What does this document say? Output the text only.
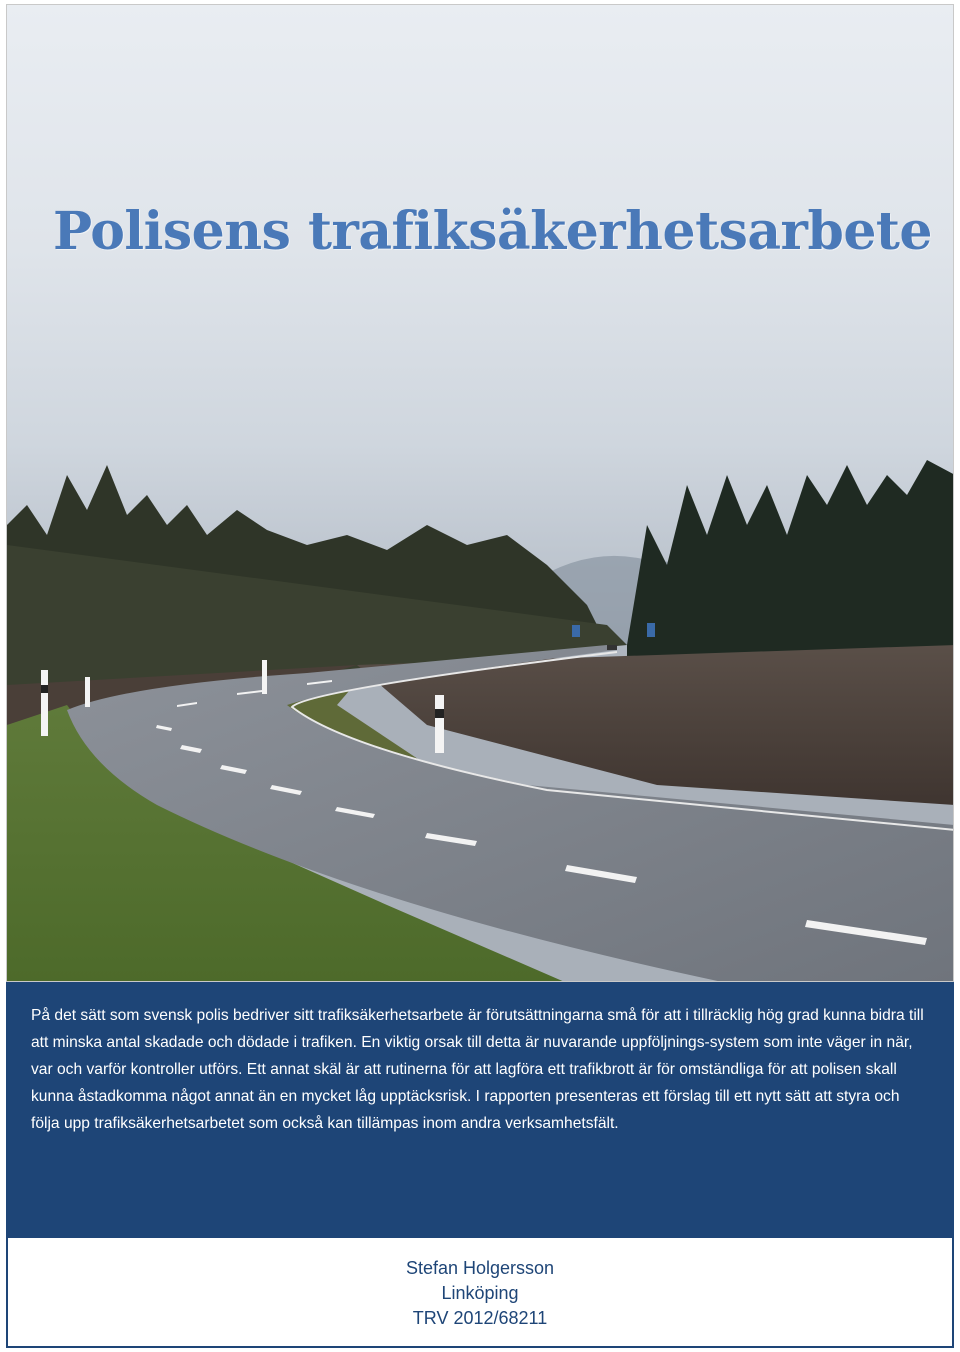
Polisens trafiksäkerhetsarbete

På det sätt som svensk polis bedriver sitt trafiksäkerhetsarbete är förutsättningarna små för att i tillräcklig hög grad kunna bidra till att minska antal skadade och dödade i trafiken. En viktig orsak till detta är nuvarande uppföljnings-system som inte väger in när, var och varför kontroller utförs. Ett annat skäl är att rutinerna för att lagföra ett trafikbrott är för omständliga för att polisen skall kunna åstadkomma något annat än en mycket låg upptäcksrisk. I rapporten presenteras ett förslag till ett nytt sätt att styra och följa upp trafiksäkerhetsarbetet som också kan tillämpas inom andra verksamhetsfält.

Stefan Holgersson
Linköping
TRV 2012/68211
